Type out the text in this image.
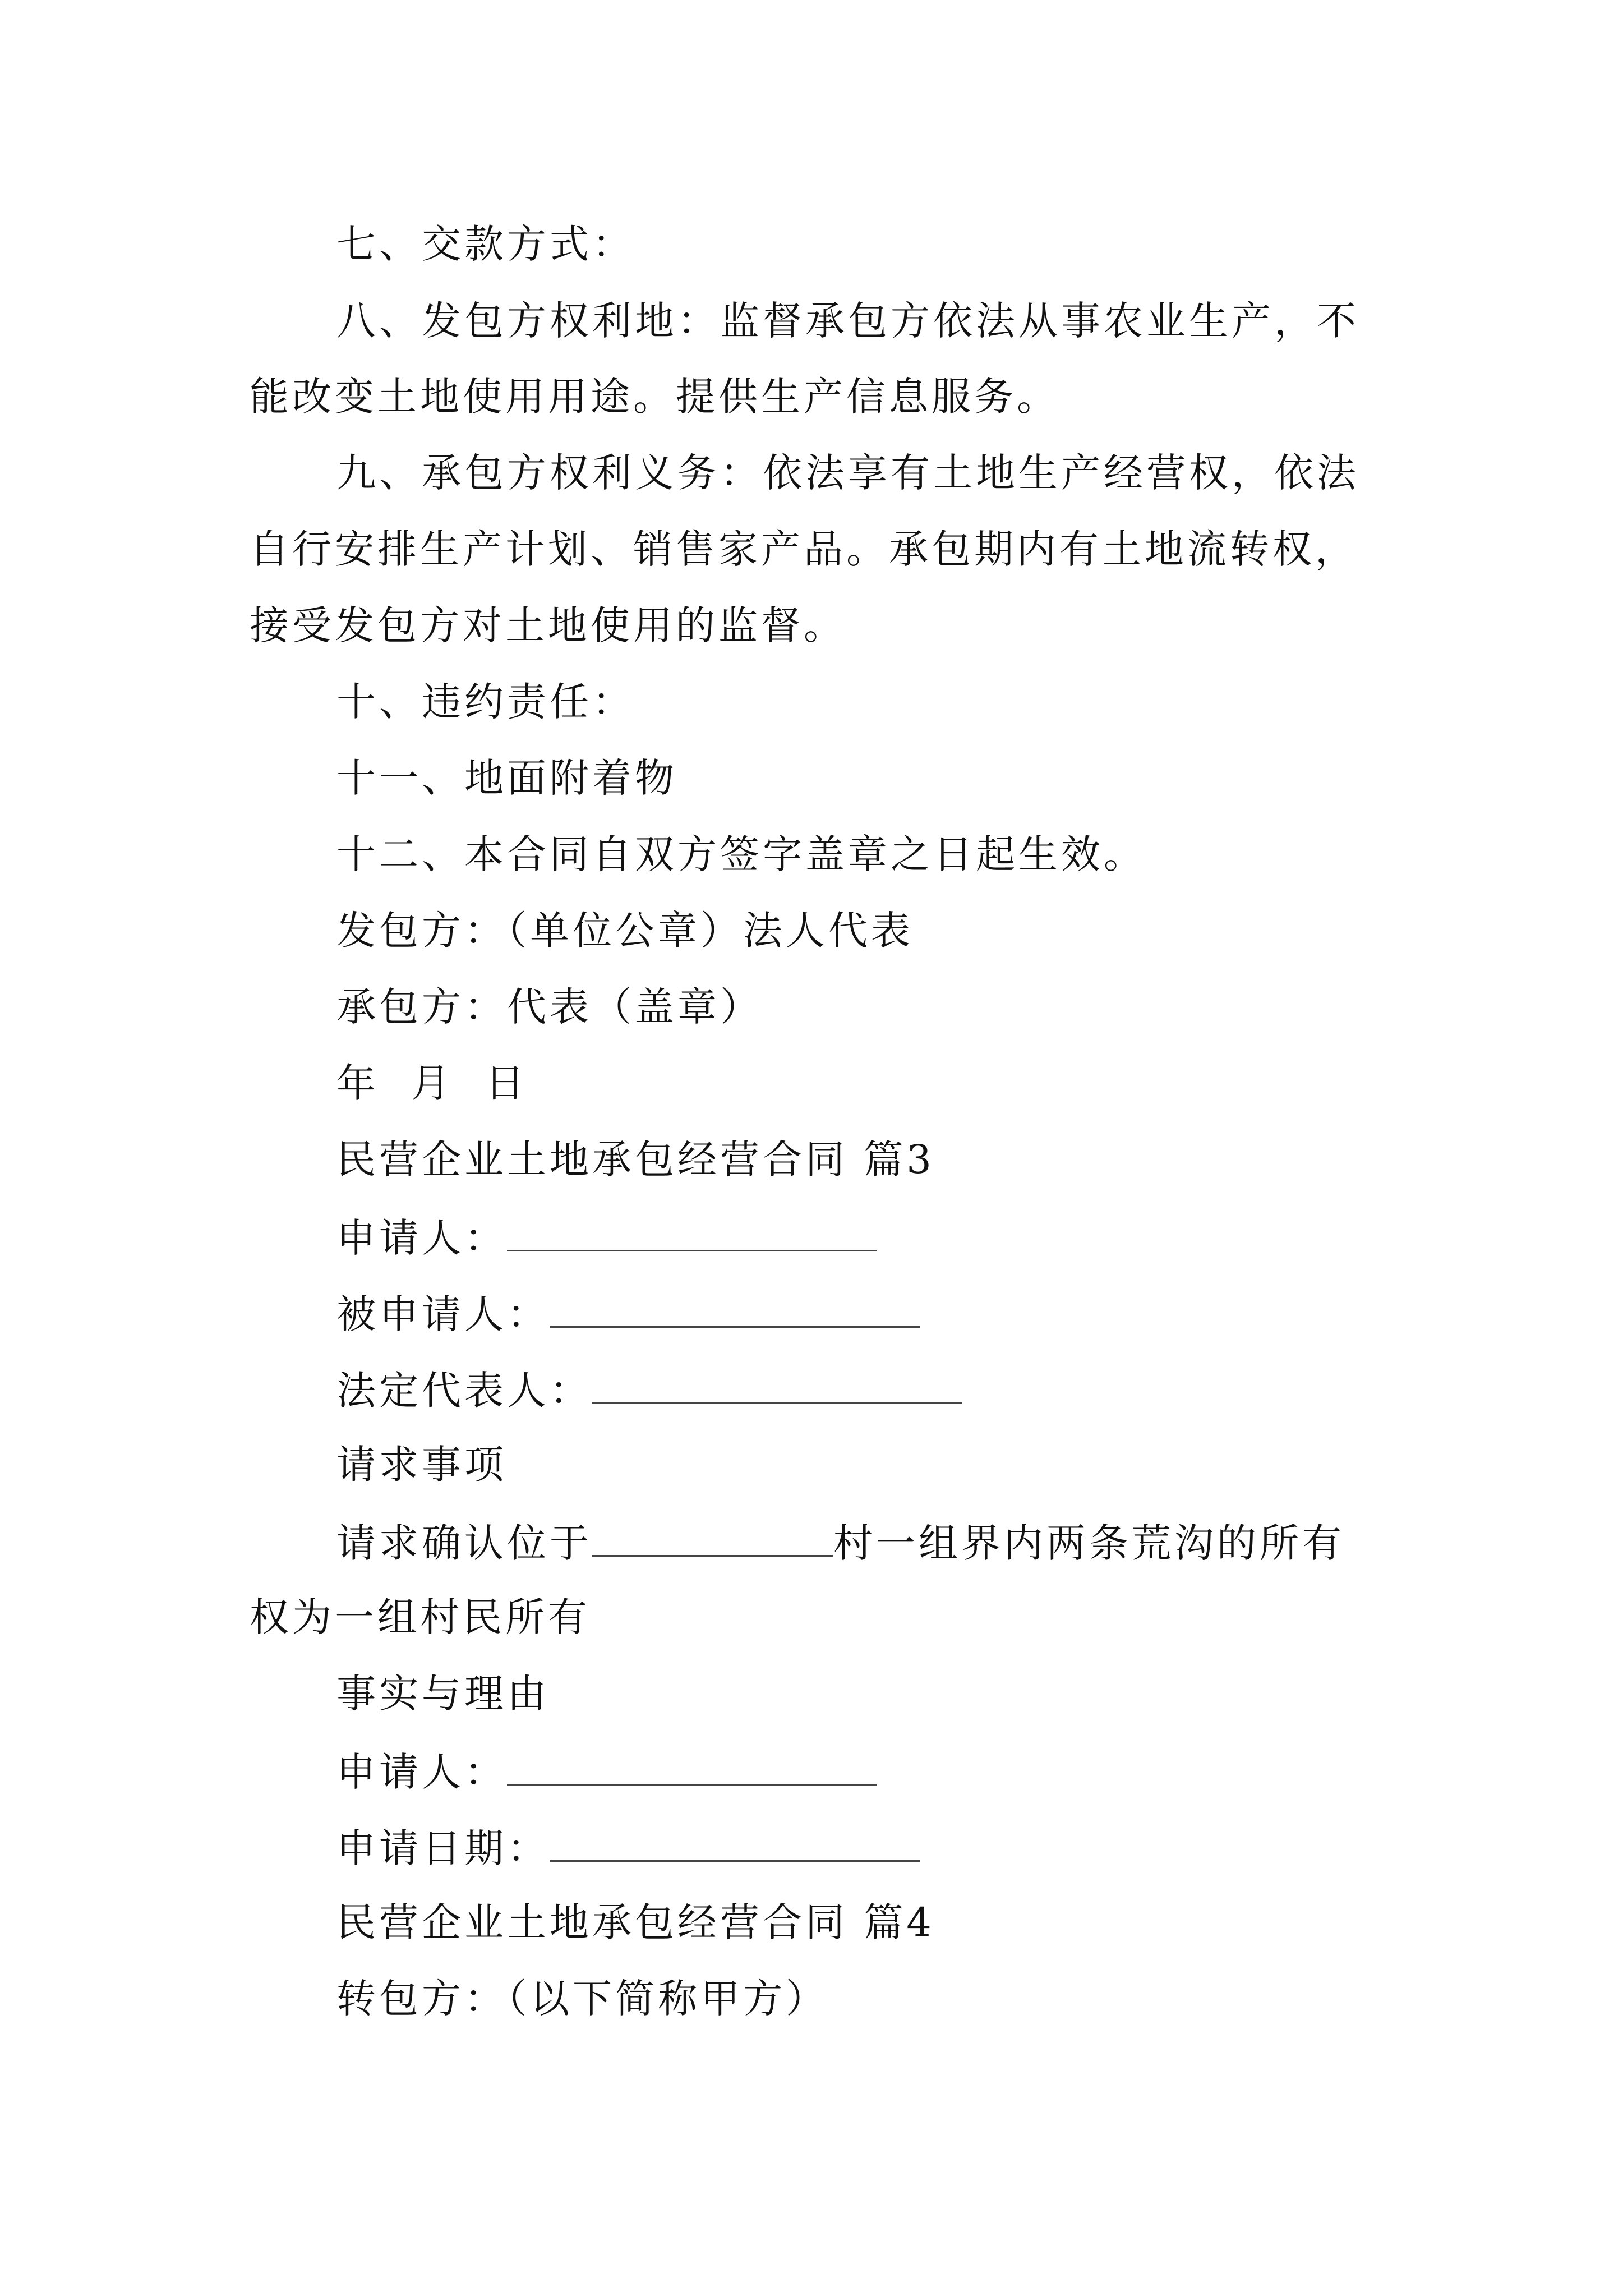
七、交款方式：
八、发包方权利地：监督承包方依法从事农业生产，不
能改变土地使用用途。提供生产信息服务。
九、承包方权利义务：依法享有土地生产经营权，依法
自行安排生产计划、销售家产品。承包期内有土地流转权，
接受发包方对土地使用的监督。
十、违约责任：
十一、地面附着物
十二、本合同自双方签字盖章之日起生效。
发包方：（单位公章）法人代表
承包方：代表（盖章）
年  月  日
民营企业土地承包经营合同 篇3
申请人：
被申请人：
法定代表人：
请求事项
请求确认位于	村一组界内两条荒沟的所有
权为一组村民所有
事实与理由
申请人：
申请日期：
民营企业土地承包经营合同 篇4
转包方：（以下简称甲方）
